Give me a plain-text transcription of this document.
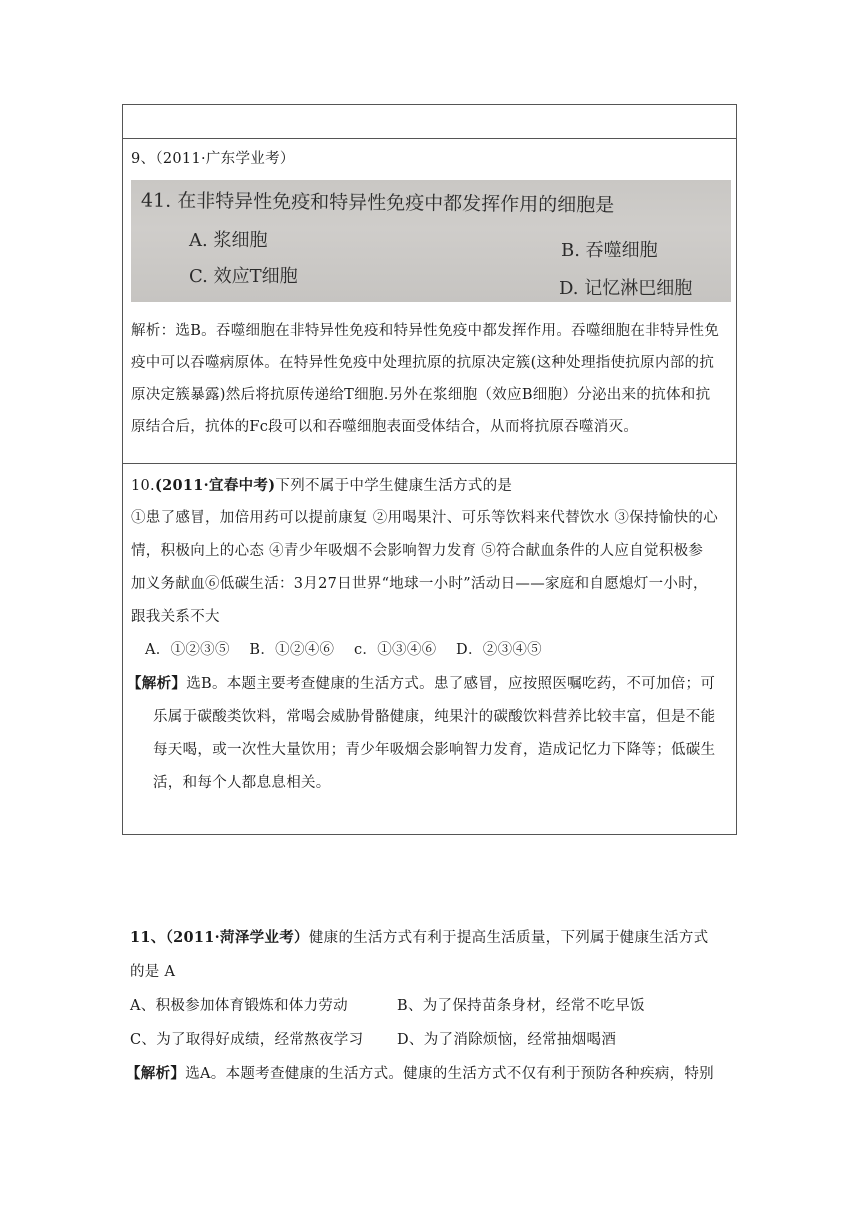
9、（2011·广东学业考）
41. 在非特异性免疫和特异性免疫中都发挥作用的细胞是
A. 浆细胞	B. 吞噬细胞
C. 效应T细胞
D. 记忆淋巴细胞
解析：选B。吞噬细胞在非特异性免疫和特异性免疫中都发挥作用。吞噬细胞在非特异性免
疫中可以吞噬病原体。在特异性免疫中处理抗原的抗原决定簇(这种处理指使抗原内部的抗
原决定簇暴露)然后将抗原传递给T细胞.另外在浆细胞（效应B细胞）分泌出来的抗体和抗
原结合后，抗体的Fc段可以和吞噬细胞表面受体结合，从而将抗原吞噬消灭。
10.(2011·宜春中考)下列不属于中学生健康生活方式的是
①患了感冒，加倍用药可以提前康复 ②用喝果汁、可乐等饮料来代替饮水 ③保持愉快的心
情，积极向上的心态 ④青少年吸烟不会影响智力发育 ⑤符合献血条件的人应自觉积极参
加义务献血⑥低碳生活：3月27日世界“地球一小时”活动日——家庭和自愿熄灯一小时，
跟我关系不大
A．①②③⑤    B．①②④⑥    c．①③④⑥    D．②③④⑤
【解析】选B。本题主要考查健康的生活方式。患了感冒，应按照医嘱吃药，不可加倍；可
乐属于碳酸类饮料，常喝会威胁骨骼健康，纯果汁的碳酸饮料营养比较丰富，但是不能
每天喝，或一次性大量饮用；青少年吸烟会影响智力发育，造成记忆力下降等；低碳生
活，和每个人都息息相关。
11、（2011·菏泽学业考）健康的生活方式有利于提高生活质量，下列属于健康生活方式
的是 A
A、积极参加体育锻炼和体力劳动	B、为了保持苗条身材，经常不吃早饭
C、为了取得好成绩，经常熬夜学习 D、为了消除烦恼，经常抽烟喝酒
【解析】选A。本题考查健康的生活方式。健康的生活方式不仅有利于预防各种疾病，特别
